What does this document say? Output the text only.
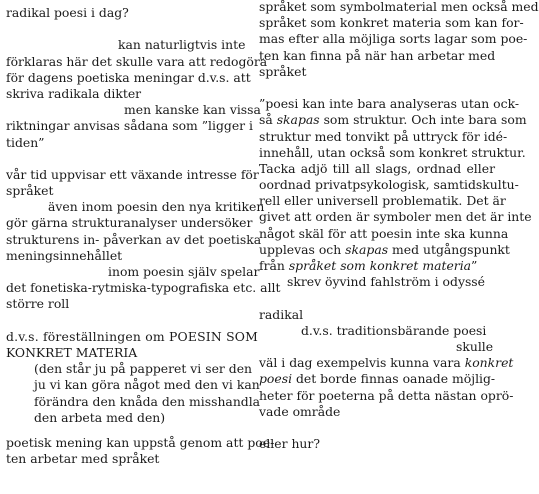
radikal poesi i dag?
kan naturligtvis inte
förklaras här det skulle vara att redogöra
för dagens poetiska meningar d.v.s. att
skriva radikala dikter
men kanske kan vissa
riktningar anvisas sådana som ”ligger i
tiden”
vår tid uppvisar ett växande intresse för
språket
även inom poesin den nya kritiken
gör gärna strukturanalyser undersöker
strukturens in- påverkan av det poetiska
meningsinnehållet
inom poesin själv spelar
det fonetiska-rytmiska-typografiska etc. allt
större roll
d.v.s. föreställningen om POESIN SOM
KONKRET MATERIA
(den står ju på papperet vi ser den
ju vi kan göra något med den vi kan
förändra den knåda den misshandla
den arbeta med den)
poetisk mening kan uppstå genom att poe-
ten arbetar med språket
språket som symbolmaterial men också med
språket som konkret materia som kan for-
mas efter alla möjliga sorts lagar som poe-
ten kan finna på när han arbetar med
språket
”poesi kan inte bara analyseras utan ock-
så skapas som struktur. Och inte bara som
struktur med tonvikt på uttryck för idé-
innehåll, utan också som konkret struktur.
Tacka adjö till all slags, ordnad eller
oordnad privatpsykologisk, samtidskultu-
rell eller universell problematik. Det är
givet att orden är symboler men det är inte
något skäl för att poesin inte ska kunna
upplevas och skapas med utgångspunkt
från språket som konkret materia”
skrev öyvind fahlström i odyssé
radikal
d.v.s. traditionsbärande poesi
skulle
väl i dag exempelvis kunna vara konkret
poesi det borde finnas oanade möjlig-
heter för poeterna på detta nästan oprö-
vade område
eller hur?
